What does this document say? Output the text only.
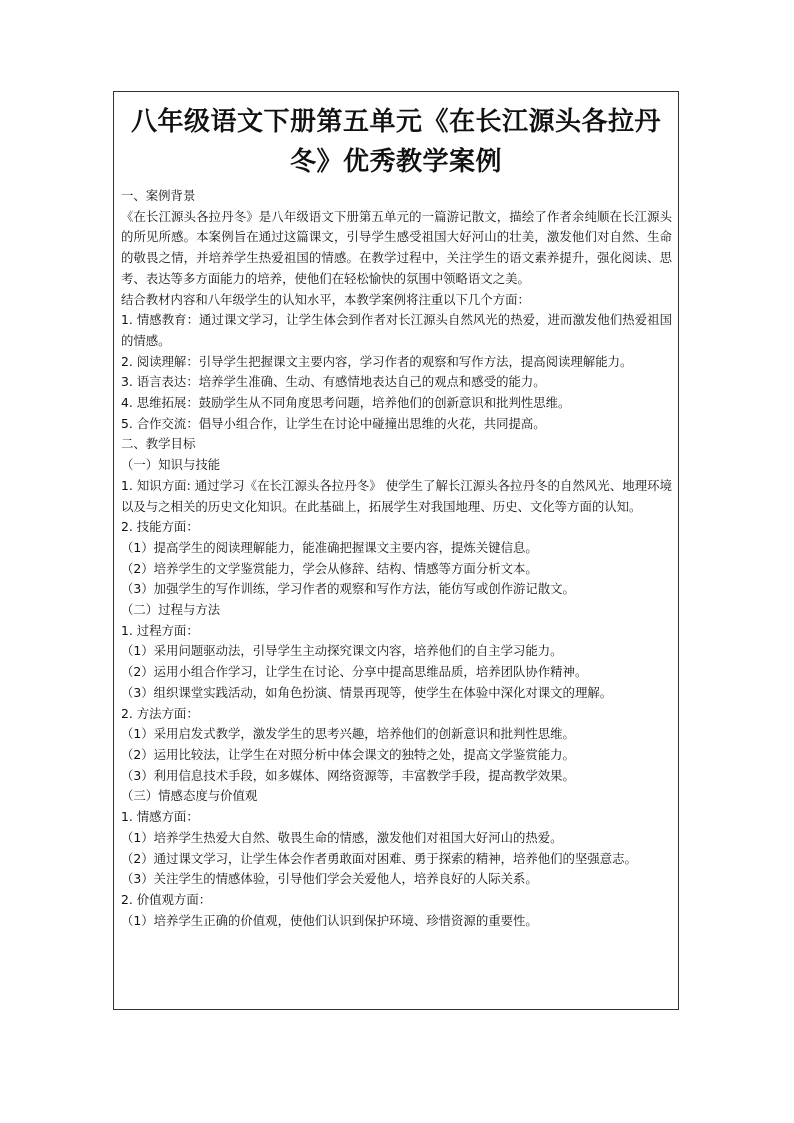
八年级语文下册第五单元《在长江源头各拉丹冬》优秀教学案例

一、案例背景

《在长江源头各拉丹冬》是八年级语文下册第五单元的一篇游记散文，描绘了作者余纯顺在长江源头的所见所感。本案例旨在通过这篇课文，引导学生感受祖国大好河山的壮美，激发他们对自然、生命的敬畏之情，并培养学生热爱祖国的情感。在教学过程中，关注学生的语文素养提升，强化阅读、思考、表达等多方面能力的培养，使他们在轻松愉快的氛围中领略语文之美。

结合教材内容和八年级学生的认知水平，本教学案例将注重以下几个方面：

1. 情感教育：通过课文学习，让学生体会到作者对长江源头自然风光的热爱，进而激发他们热爱祖国的情感。

2. 阅读理解：引导学生把握课文主要内容，学习作者的观察和写作方法，提高阅读理解能力。

3. 语言表达：培养学生准确、生动、有感情地表达自己的观点和感受的能力。

4. 思维拓展：鼓励学生从不同角度思考问题，培养他们的创新意识和批判性思维。

5. 合作交流：倡导小组合作，让学生在讨论中碰撞出思维的火花，共同提高。

二、教学目标

（一）知识与技能

1. 知识方面: 通过学习《在长江源头各拉丹冬》 使学生了解长江源头各拉丹冬的自然风光、地理环境以及与之相关的历史文化知识。在此基础上，拓展学生对我国地理、历史、文化等方面的认知。

2. 技能方面：

（1）提高学生的阅读理解能力，能准确把握课文主要内容，提炼关键信息。

（2）培养学生的文学鉴赏能力，学会从修辞、结构、情感等方面分析文本。

（3）加强学生的写作训练，学习作者的观察和写作方法，能仿写或创作游记散文。

（二）过程与方法

1. 过程方面：

（1）采用问题驱动法，引导学生主动探究课文内容，培养他们的自主学习能力。

（2）运用小组合作学习，让学生在讨论、分享中提高思维品质，培养团队协作精神。

（3）组织课堂实践活动，如角色扮演、情景再现等，使学生在体验中深化对课文的理解。

2. 方法方面：

（1）采用启发式教学，激发学生的思考兴趣，培养他们的创新意识和批判性思维。

（2）运用比较法，让学生在对照分析中体会课文的独特之处，提高文学鉴赏能力。

（3）利用信息技术手段，如多媒体、网络资源等，丰富教学手段，提高教学效果。

（三）情感态度与价值观

1. 情感方面：

（1）培养学生热爱大自然、敬畏生命的情感，激发他们对祖国大好河山的热爱。

（2）通过课文学习，让学生体会作者勇敢面对困难、勇于探索的精神，培养他们的坚强意志。

（3）关注学生的情感体验，引导他们学会关爱他人，培养良好的人际关系。

2. 价值观方面：

（1）培养学生正确的价值观，使他们认识到保护环境、珍惜资源的重要性。
